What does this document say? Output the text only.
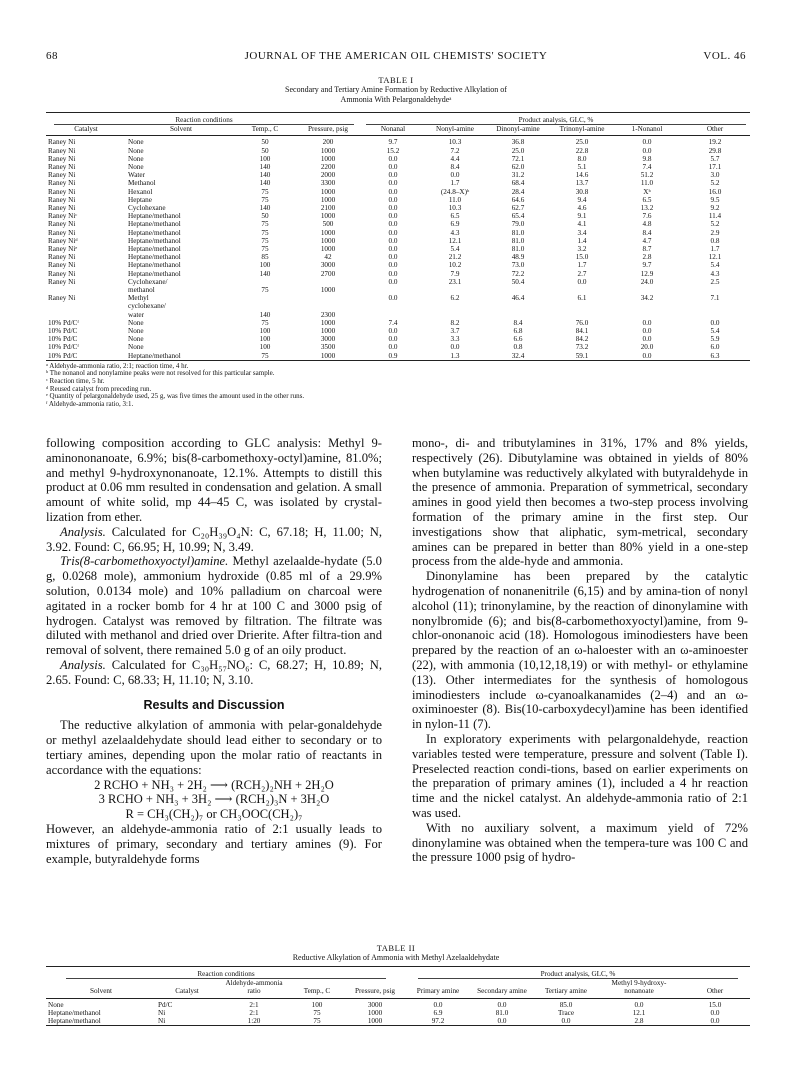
68	JOURNAL OF THE AMERICAN OIL CHEMISTS' SOCIETY	VOL. 46
TABLE I
Secondary and Tertiary Amine Formation by Reductive Alkylation of
Ammonia With Pelargonaldehydeᵃ
Reaction conditions				Product analysis, GLC, %					
Catalyst	Solvent	Temp., C	Pressure, psig	Nonanal	Nonyl-amine	Dinonyl-amine	Trinonyl-amine	1-Nonanol	Other
Raney Ni	None	50	200	9.7	10.3	36.8	25.0	0.0	19.2
Raney Ni	None	50	1000	15.2	7.2	25.0	22.8	0.0	29.8
Raney Ni	None	100	1000	0.0	4.4	72.1	8.0	9.8	5.7
Raney Ni	None	140	2200	0.0	8.4	62.0	5.1	7.4	17.1
Raney Ni	Water	140	2000	0.0	0.0	31.2	14.6	51.2	3.0
Raney Ni	Methanol	140	3300	0.0	1.7	68.4	13.7	11.0	5.2
Raney Ni	Hexanol	75	1000	0.0	(24.8–X)ᵇ	28.4	30.8	Xᵇ	16.0
Raney Ni	Heptane	75	1000	0.0	11.0	64.6	9.4	6.5	9.5
Raney Ni	Cyclohexane	140	2100	0.0	10.3	62.7	4.6	13.2	9.2
Raney Niᶜ	Heptane/methanol	50	1000	0.0	6.5	65.4	9.1	7.6	11.4
Raney Ni	Heptane/methanol	75	500	0.0	6.9	79.0	4.1	4.8	5.2
Raney Ni	Heptane/methanol	75	1000	0.0	4.3	81.0	3.4	8.4	2.9
Raney Niᵈ	Heptane/methanol	75	1000	0.0	12.1	81.0	1.4	4.7	0.8
Raney Niᵉ	Heptane/methanol	75	1000	0.0	5.4	81.0	3.2	8.7	1.7
Raney Ni	Heptane/methanol	85	42	0.0	21.2	48.9	15.0	2.8	12.1
Raney Ni	Heptane/methanol	100	3000	0.0	10.2	73.0	1.7	9.7	5.4
Raney Ni	Heptane/methanol	140	2700	0.0	7.9	72.2	2.7	12.9	4.3
Raney Ni	Cyclohexane/			0.0	23.1	50.4	0.0	24.0	2.5
	methanol	75	1000						
Raney Ni	Methyl			0.0	6.2	46.4	6.1	34.2	7.1
	cyclohexane/								
	water	140	2300						
10% Pd/Cᶠ	None	75	1000	7.4	8.2	8.4	76.0	0.0	0.0
10% Pd/C	None	100	1000	0.0	3.7	6.8	84.1	0.0	5.4
10% Pd/C	None	100	3000	0.0	3.3	6.6	84.2	0.0	5.9
10% Pd/Cᶠ	None	100	3500	0.0	0.0	0.8	73.2	20.0	6.0
10% Pd/C	Heptane/methanol	75	1000	0.9	1.3	32.4	59.1	0.0	6.3
ᵃ Aldehyde-ammonia ratio, 2:1; reaction time, 4 hr.
ᵇ The nonanol and nonylamine peaks were not resolved for this particular sample.
ᶜ Reaction time, 5 hr.
ᵈ Reused catalyst from preceding run.
ᵉ Quantity of pelargonaldehyde used, 25 g, was five times the amount used in the other runs.
ᶠ Aldehyde-ammonia ratio, 3:1.

following composition according to GLC analysis: Methyl 9-aminononanoate, 6.9%; bis(8-carbomethoxy-octyl)amine, 81.0%; and methyl 9-hydroxynonanoate, 12.1%. Attempts to distill this product at 0.06 mm resulted in condensation and gelation. A small amount of white solid, mp 44–45 C, was isolated by crystal-lization from ether.

Analysis. Calculated for C₂₀H₃₉O₄N: C, 67.18; H, 11.00; N, 3.92. Found: C, 66.95; H, 10.99; N, 3.49.

Tris(8-carbomethoxyoctyl)amine. Methyl azelaalde-hydate (5.0 g, 0.0268 mole), ammonium hydroxide (0.85 ml of a 29.9% solution, 0.0134 mole) and 10% palladium on charcoal were agitated in a rocker bomb for 4 hr at 100 C and 3000 psig of hydrogen. Catalyst was removed by filtration. The filtrate was diluted with methanol and dried over Drierite. After filtra-tion and removal of solvent, there remained 5.0 g of an oily product.

Analysis. Calculated for C₃₀H₅₇NO₆: C, 68.27; H, 10.89; N, 2.65. Found: C, 68.33; H, 11.10; N, 3.10.

Results and Discussion

The reductive alkylation of ammonia with pelar-gonaldehyde or methyl azelaaldehydate should lead either to secondary or to tertiary amines, depending upon the molar ratio of reactants in accordance with the equations:

2 RCHO + NH₃ + 2H₂ ⟶ (RCH₂)₂NH + 2H₂O
3 RCHO + NH₃ + 3H₂ ⟶ (RCH₂)₃N + 3H₂O
R = CH₃(CH₂)₇ or CH₃OOC(CH₂)₇

However, an aldehyde-ammonia ratio of 2:1 usually leads to mixtures of primary, secondary and tertiary amines (9). For example, butyraldehyde forms

mono-, di- and tributylamines in 31%, 17% and 8% yields, respectively (26). Dibutylamine was obtained in yields of 80% when butylamine was reductively alkylated with butyraldehyde in the presence of ammonia. Preparation of symmetrical, secondary amines in good yield then becomes a two-step process involving formation of the primary amine in the first step. Our investigations show that aliphatic, sym-metrical, secondary amines can be prepared in better than 80% yield in a one-step process from the alde-hyde and ammonia.

Dinonylamine has been prepared by the catalytic hydrogenation of nonanenitrile (6,15) and by amina-tion of nonyl alcohol (11); trinonylamine, by the reaction of dinonylamine with nonylbromide (6); and bis(8-carbomethoxyoctyl)amine, from 9-chlor-ononanoic acid (18). Homologous iminodiesters have been prepared by the reaction of an ω-haloester with an ω-aminoester (22), with ammonia (10,12,18,19) or with methyl- or ethylamine (13). Other intermediates for the synthesis of homologous iminodiesters include ω-cyanoalkanamides (2–4) and an ω-oximinoester (8). Bis(10-carboxydecyl)amine has been identified in nylon-11 (7).

In exploratory experiments with pelargonaldehyde, reaction variables tested were temperature, pressure and solvent (Table I). Preselected reaction condi-tions, based on earlier experiments on the preparation of primary amines (1), included a 4 hr reaction time and the nickel catalyst. An aldehyde-ammonia ratio of 2:1 was used.

With no auxiliary solvent, a maximum yield of 72% dinonylamine was obtained when the tempera-ture was 100 C and the pressure 1000 psig of hydro-

TABLE II
Reductive Alkylation of Ammonia with Methyl Azelaaldehydate
Reaction conditions					Product analysis, GLC, %				
Solvent	Catalyst	Aldehyde-ammonia ratio	Temp., C	Pressure, psig	Primary amine	Secondary amine	Tertiary amine	Methyl 9-hydroxy-nonanoate	Other
None	Pd/C	2:1	100	3000	0.0	0.0	85.0	0.0	15.0
Heptane/methanol	Ni	2:1	75	1000	6.9	81.0	Trace	12.1	0.0
Heptane/methanol	Ni	1:20	75	1000	97.2	0.0	0.0	2.8	0.0
